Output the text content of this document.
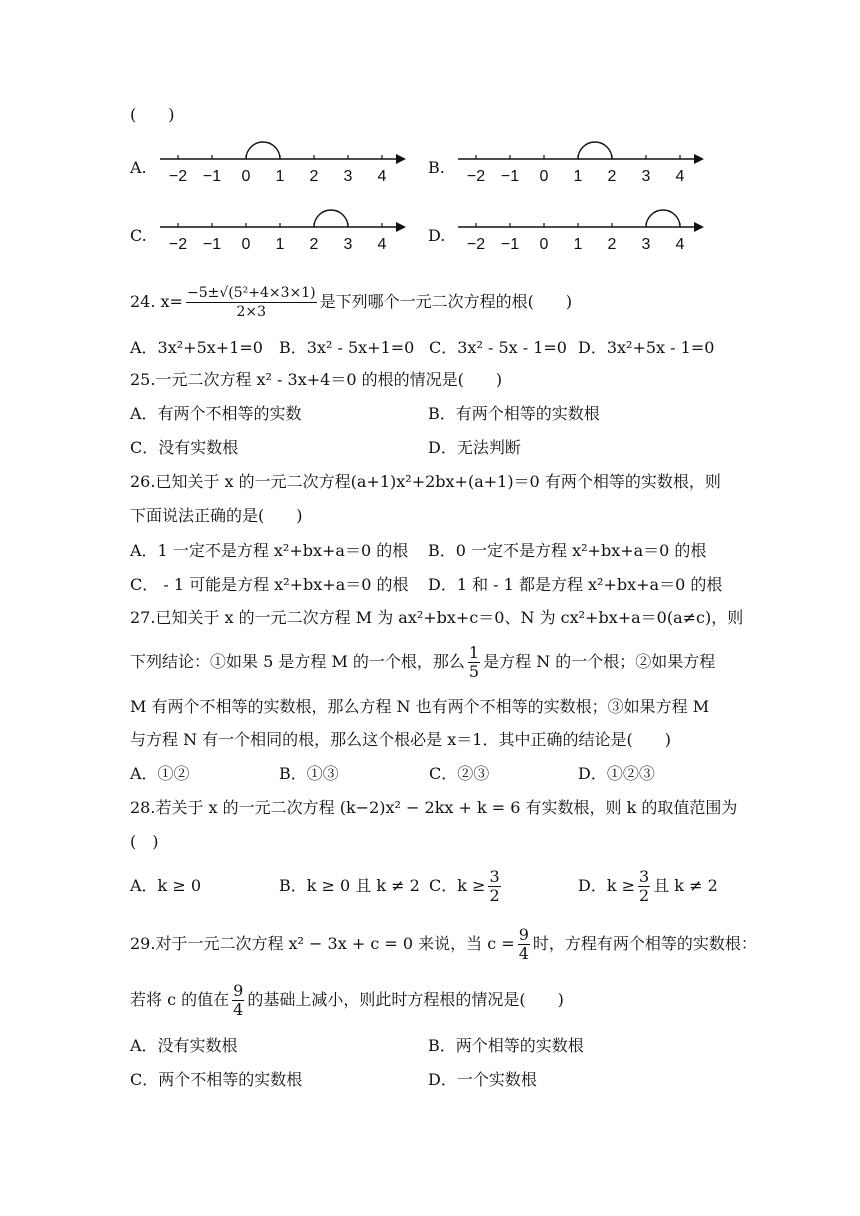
(　　)
A. −2 −1 0 1 2 3 4	B. −2 −1 0 1 2 3 4
C. −2 −1 0 1 2 3 4	D. −2 −1 0 1 2 3 4
24. $x= \frac{\text{−5±√(5²+4×3×1)}}{2\times 3}$ 是下列哪个一元二次方程的根(　　)
A．3x²+5x+1=0 B．3x² - 5x+1=0 C．3x² - 5x - 1=0 D．3x²+5x - 1=0
25.一元二次方程 x² - 3x+4＝0 的根的情况是(　　)
A．有两个不相等的实数	B．有两个相等的实数根
C．没有实数根	D．无法判断
26.已知关于 x 的一元二次方程(a+1)x²+2bx+(a+1)＝0 有两个相等的实数根，则
下面说法正确的是(　　)
A．1 一定不是方程 x²+bx+a＝0 的根 B．0 一定不是方程 x²+bx+a＝0 的根
C． - 1 可能是方程 x²+bx+a＝0 的根 D．1 和 - 1 都是方程 x²+bx+a＝0 的根
27.已知关于 x 的一元二次方程 M 为 ax²+bx+c＝0、N 为 cx²+bx+a＝0(a≠c)，则
下列结论：①如果 5 是方程 M 的一个根，那么 $\frac{1}{5}$ 是方程 N 的一个根；②如果方程
M 有两个不相等的实数根，那么方程 N 也有两个不相等的实数根；③如果方程 M
与方程 N 有一个相同的根，那么这个根必是 x＝1．其中正确的结论是(　　)
A．①②	B．①③	C．②③	D．①②③
28.若关于 x 的一元二次方程 (k−2)x² − 2kx + k = 6 有实数根，则 k 的取值范围为
(　)
A．k ≥ 0	B．k ≥ 0 且 k ≠ 2 C．$k \ge \frac{3}{2}$	D．$k \ge \frac{3}{2}$ 且 k ≠ 2
29.对于一元二次方程 x² − 3x + c = 0 来说，当 $c = \frac{9}{4}$ 时，方程有两个相等的实数根：
若将 c 的值在 $\frac{9}{4}$ 的基础上减小，则此时方程根的情况是(　　)
A．没有实数根	B．两个相等的实数根
C．两个不相等的实数根	D．一个实数根
